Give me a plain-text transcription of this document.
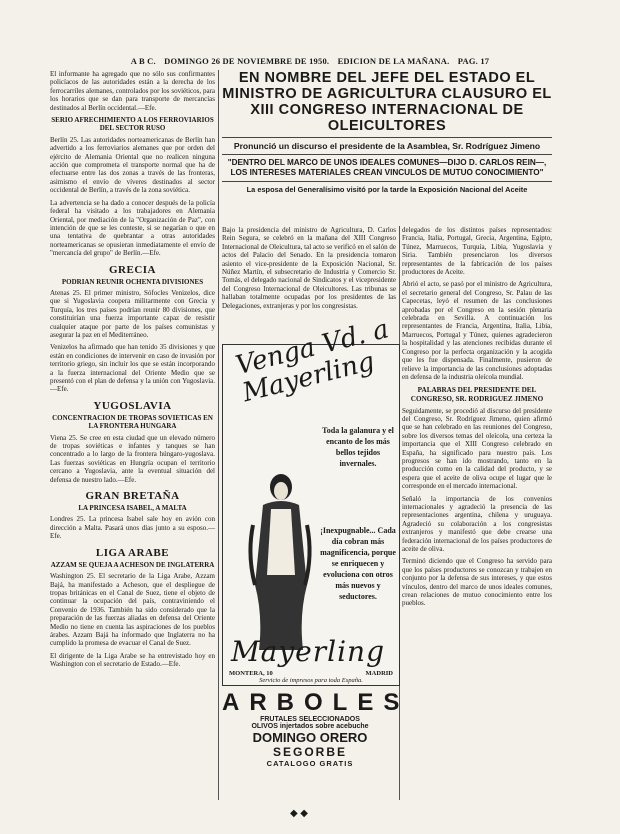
A B C. DOMINGO 26 DE NOVIEMBRE DE 1950. EDICION DE LA MAÑANA. PAG. 17

El informante ha agregado que no sólo sus confirmantes policíacos de las autoridades están a la derecha de los ferrocarriles alemanes, controlados por los soviéticos, para los horarios que se dan para transporte de mercancías destinados al Berlín occidental.—Efe.

SERIO AFRECHIMIENTO A LOS FERROVIARIOS DEL SECTOR RUSO

Berlín 25. Las autoridades norteamericanas de Berlín han advertido a los ferroviarios alemanes que por orden del ejército de Alemania Oriental que no realicen ninguna acción que comprometa el transporte normal que ha de efectuarse entre las dos zonas a través de las fronteras, asimismo el envío de víveres destinados al sector occidental de Berlín, a través de la zona soviética.

La advertencia se ha dado a conocer después de la policía federal ha visitado a los trabajadores en Alemania Oriental, por mediación de la "Organización de Paz", con intención de que se les conteste, si se negarían o que en una tentativa de quebrantar a otras autoridades norteamericanas se opusieran inmediatamente el envío de "mercancía del grupo" de Berlín.—Efe.

GRECIA

PODRIAN REUNIR OCHENTA DIVISIONES

Atenas 25. El primer ministro, Sófocles Venizelos, dice que si Yugoslavia coopera militarmente con Grecia y Turquía, los tres países podrían reunir 80 divisiones, que constituirían una fuerza importante capaz de resistir cualquier ataque por parte de los países comunistas y asegurar la paz en el Mediterráneo.

Venizelos ha afirmado que han tenido 35 divisiones y que están en condiciones de intervenir en caso de invasión por territorio griego, sin incluir los que se están incorporando a la fuerza internacional del Oriente Medio que se presentó con el plan de defensa y la unión con Yugoslavia.—Efe.

YUGOSLAVIA

CONCENTRACION DE TROPAS SOVIETICAS EN LA FRONTERA HUNGARA

Viena 25. Se cree en esta ciudad que un elevado número de tropas soviéticas e infantes y tanques se han concentrado a lo largo de la frontera húngaro-yugoslava. Las fuerzas soviéticas en Hungría ocupan el territorio cercano a Yugoslavia, ante la eventual situación del defensa de nuestro lado.—Efe.

GRAN BRETAÑA

LA PRINCESA ISABEL, A MALTA

Londres 25. La princesa Isabel sale hoy en avión con dirección a Malta. Pasará unos días junto a su esposo.—Efe.

LIGA ARABE

AZZAM SE QUEJA A ACHESON DE INGLATERRA

Washington 25. El secretario de la Liga Arabe, Azzam Bajá, ha manifestado a Acheson, que el despliegue de tropas británicas en el Canal de Suez, tiene el objeto de continuar la ocupación del país, contraviniendo el Convenio de 1936. También ha sido considerado que la preparación de las fuerzas aliadas en defensa del Oriente Medio no tiene en cuenta las aspiraciones de los pueblos árabes. Azzam Bajá ha informado que Inglaterra no ha cumplido la promesa de evacuar el Canal de Suez.

El dirigente de la Liga Arabe se ha entrevistado hoy en Washington con el secretario de Estado.—Efe.

EN NOMBRE DEL JEFE DEL ESTADO EL MINISTRO DE AGRICULTURA CLAUSURO EL XIII CONGRESO INTERNACIONAL DE OLEICULTORES

Pronunció un discurso el presidente de la Asamblea, Sr. Rodríguez Jimeno

"DENTRO DEL MARCO DE UNOS IDEALES COMUNES—DIJO D. CARLOS REIN—, LOS INTERESES MATERIALES CREAN VINCULOS DE MUTUO CONOCIMIENTO"

La esposa del Generalísimo visitó por la tarde la Exposición Nacional del Aceite

Bajo la presidencia del ministro de Agricultura, D. Carlos Rein Segura, se celebró en la mañana del XIII Congreso Internacional de Oleicultura, tal acto se verificó en el salón de actos del Palacio del Senado. En la presidencia tomaron asiento el vice-presidente de la Exposición Nacional, Sr. Núñez Martín, el subsecretario de Industria y Comercio Sr. Tomás, el delegado nacional de Sindicatos y el vicepresidente del Congreso Internacional de Oleicultores. Las tribunas se hallaban totalmente ocupadas por los presidentes de las Delegaciones, extranjeras y por los congresistas.

delegados de los distintos países representados: Francia, Italia, Portugal, Grecia, Argentina, Egipto, Túnez, Marruecos, Turquía, Libia, Yugoslavia y Siria. También presenciaron los diversos representantes de la fabricación de los países productores de Aceite.

Abrió el acto, se pasó por el ministro de Agricultura, el secretario general del Congreso, Sr. Palau de las Capecetas, leyó el resumen de las conclusiones aprobadas por el Congreso en la sesión plenaria celebrada en Sevilla. A continuación los representantes de Francia, Argentina, Italia, Libia, Marruecos, Portugal y Túnez, quienes agradecieron la hospitalidad y las atenciones recibidas durante el Congreso por la perfecta organización y la acogida que les fue dispensada. Finalmente, pusieron de relieve la importancia de las conclusiones adoptadas en defensa de la industria oleícola mundial.

PALABRAS DEL PRESIDENTE DEL CONGRESO, SR. RODRIGUEZ JIMENO

Seguidamente, se procedió al discurso del presidente del Congreso, Sr. Rodríguez Jimeno, quien afirmó que se han celebrado en las reuniones del Congreso, sobre los diversos temas del oleícola, una certeza la importancia que el XIII Congreso celebrado en España, ha significado para nuestro país. Los progresos se han ido mostrando, tanto en la producción como en la calidad del producto, y se espera que el aceite de oliva ocupe el lugar que le corresponde en el mercado internacional.

Señaló la importancia de los convenios internacionales y agradeció la presencia de las representaciones argentina, chilena y uruguaya. Agradeció su colaboración a los congresistas extranjeros y manifestó que debe crearse una federación internacional de los países productores de aceite de oliva.

Terminó diciendo que el Congreso ha servido para que los países productores se conozcan y trabajen en conjunto por la defensa de sus intereses, y que estos vínculos, dentro del marco de unos ideales comunes, crean relaciones de mutuo conocimiento entre los pueblos.

Venga Vd. a Mayerling
Toda la galanura y el encanto de los más bellos tejidos invernales.
¡Inexpugnable... Cada día cobran más magnificencia, porque se enriquecen y evoluciona con otros más nuevos y seductores.
Mayerling
MONTERA, 10	MADRID
Servicio de impresos para toda España.

ARBOLES

FRUTALES SELECCIONADOS

OLIVOS injertados sobre acebuche

DOMINGO ORERO

SEGORBE

CATALOGO GRATIS

◆ ◆
